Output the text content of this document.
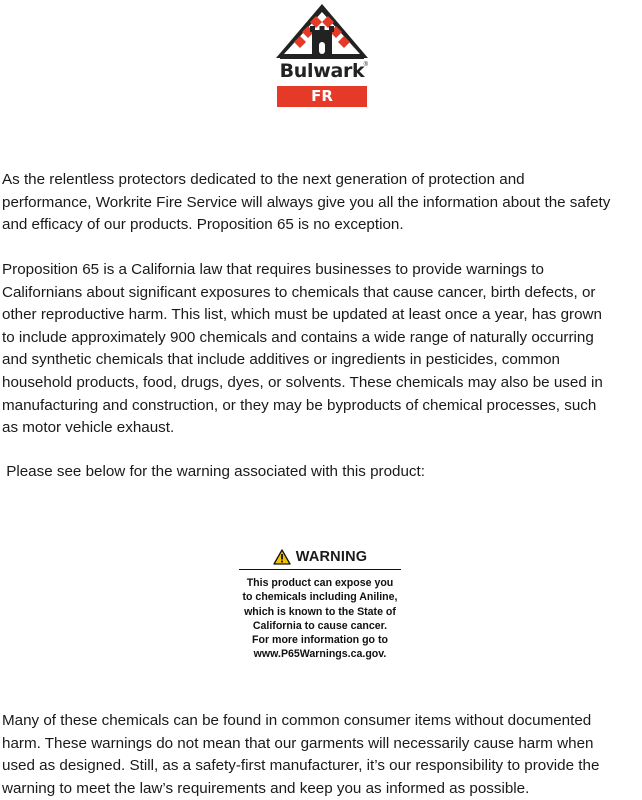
Bulwark ®
FR
As the relentless protectors dedicated to the next generation of protection and
performance, Workrite Fire Service will always give you all the information about the safety
and efficacy of our products. Proposition 65 is no exception.
Proposition 65 is a California law that requires businesses to provide warnings to
Californians about significant exposures to chemicals that cause cancer, birth defects, or
other reproductive harm. This list, which must be updated at least once a year, has grown
to include approximately 900 chemicals and contains a wide range of naturally occurring
and synthetic chemicals that include additives or ingredients in pesticides, common
household products, food, drugs, dyes, or solvents. These chemicals may also be used in
manufacturing and construction, or they may be byproducts of chemical processes, such
as motor vehicle exhaust.
Please see below for the warning associated with this product:
WARNING
This product can expose you
to chemicals including Aniline,
which is known to the State of
California to cause cancer.
For more information go to
www.P65Warnings.ca.gov.
Many of these chemicals can be found in common consumer items without documented
harm. These warnings do not mean that our garments will necessarily cause harm when
used as designed. Still, as a safety-first manufacturer, it’s our responsibility to provide the
warning to meet the law’s requirements and keep you as informed as possible.
